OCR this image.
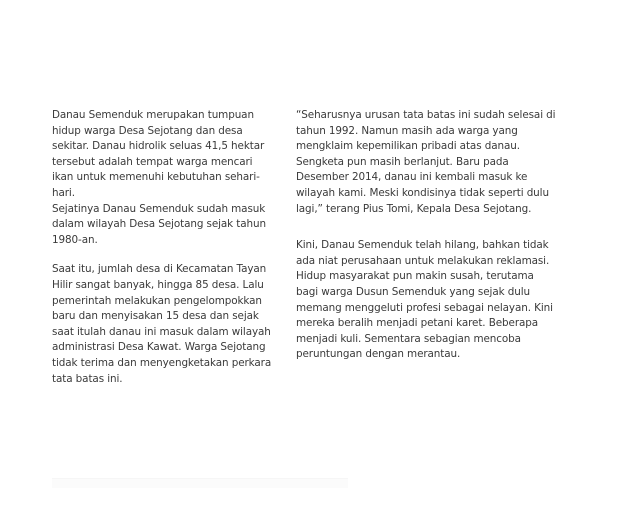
Danau Semenduk merupakan tumpuan
hidup warga Desa Sejotang dan desa
sekitar. Danau hidrolik seluas 41,5 hektar
tersebut adalah tempat warga mencari
ikan untuk memenuhi kebutuhan sehari-hari.
Sejatinya Danau Semenduk sudah masuk
dalam wilayah Desa Sejotang sejak tahun
1980-an.

Saat itu, jumlah desa di Kecamatan Tayan
Hilir sangat banyak, hingga 85 desa. Lalu
pemerintah melakukan pengelompokkan
baru dan menyisakan 15 desa dan sejak
saat itulah danau ini masuk dalam wilayah
administrasi Desa Kawat. Warga Sejotang
tidak terima dan menyengketakan perkara
tata batas ini.

“Seharusnya urusan tata batas ini sudah selesai di
tahun 1992. Namun masih ada warga yang
mengklaim kepemilikan pribadi atas danau.
Sengketa pun masih berlanjut. Baru pada
Desember 2014, danau ini kembali masuk ke
wilayah kami. Meski kondisinya tidak seperti dulu
lagi,” terang Pius Tomi, Kepala Desa Sejotang.

Kini, Danau Semenduk telah hilang, bahkan tidak
ada niat perusahaan untuk melakukan reklamasi.
Hidup masyarakat pun makin susah, terutama
bagi warga Dusun Semenduk yang sejak dulu
memang menggeluti profesi sebagai nelayan. Kini
mereka beralih menjadi petani karet. Beberapa
menjadi kuli. Sementara sebagian mencoba
peruntungan dengan merantau.
